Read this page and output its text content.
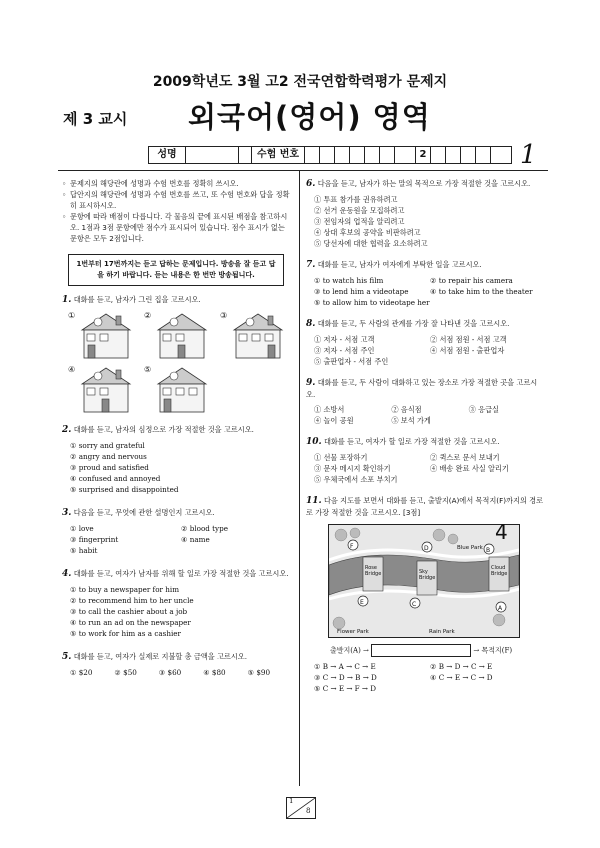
2009학년도 3월 고2 전국연합학력평가 문제지
제 3 교시 외국어(영어) 영역
1
성명	수험 번호	2
◦ 문제지의 해당란에 성명과 수험 번호를 정확히 쓰시오.
◦ 답안지의 해당란에 성명과 수험 번호를 쓰고, 또 수험 번호와 답을 정확히 표시하시오.
◦ 문항에 따라 배점이 다릅니다. 각 물음의 끝에 표시된 배점을 참고하시오. 1점과 3점 문항에만 점수가 표시되어 있습니다. 점수 표시가 없는 문항은 모두 2점입니다.
1번부터 17번까지는 듣고 답하는 문제입니다. 방송을 잘 듣고 답을 하기 바랍니다. 듣는 내용은 한 번만 방송됩니다.
1. 대화를 듣고, 남자가 그린 집을 고르시오.
①	②	③
④	⑤
2. 대화를 듣고, 남자의 심정으로 가장 적절한 것을 고르시오.
① sorry and grateful
② angry and nervous
③ proud and satisfied
④ confused and annoyed
⑤ surprised and disappointed
3. 다음을 듣고, 무엇에 관한 설명인지 고르시오.
① love	② blood type
③ fingerprint	④ name
⑤ habit
4. 대화를 듣고, 여자가 남자를 위해 할 일로 가장 적절한 것을 고르시오.
① to buy a newspaper for him
② to recommend him to her uncle
③ to call the cashier about a job
④ to run an ad on the newspaper
⑤ to work for him as a cashier
5. 대화를 듣고, 여자가 실제로 지불할 총 금액을 고르시오.
① $20	② $50	③ $60	④ $80	⑤ $90
6. 다음을 듣고, 남자가 하는 말의 목적으로 가장 적절한 것을 고르시오.
① 투표 참가를 권유하려고
② 선거 운동원을 모집하려고
③ 전임자의 업적을 알리려고
④ 상대 후보의 공약을 비판하려고
⑤ 당선자에 대한 협력을 요소하려고
7. 대화를 듣고, 남자가 여자에게 부탁한 일을 고르시오.
① to watch his film	② to repair his camera
③ to lend him a videotape	④ to take him to the theater
⑤ to allow him to videotape her
8. 대화를 듣고, 두 사람의 관계를 가장 잘 나타낸 것을 고르시오.
① 저자 - 서점 고객	② 서점 점원 - 서점 고객
③ 저자 - 서점 주인	④ 서점 점원 - 출판업자
⑤ 출판업자 - 서점 주인
9. 대화를 듣고, 두 사람이 대화하고 있는 장소로 가장 적절한 곳을 고르시오.
① 소방서	② 음식점	③ 응급실
④ 놀이 공원	⑤ 보석 가게
10. 대화를 듣고, 여자가 할 일로 가장 적절한 것을 고르시오.
① 선물 포장하기	② 퀵스로 문서 보내기
③ 문자 메시지 확인하기	④ 배송 완료 사실 알리기
⑤ 우체국에서 소포 부치기
11. 다음 지도를 보면서 대화를 듣고, 출발지(A)에서 목적지(F)까지의 경로로 가장 적절한 것을 고르시오. [3점]
4
Blue Park
Rose Bridge	Sky Bridge
Cloud Bridge
Flower Park	Rain Park
A
B
C
D
E
F
출발지(A) →	→ 목적지(F)
① B → A → C → E	② B → D → C → E
③ C → D → B → D	④ C → E → C → D
⑤ C → E → F → D
1
8
